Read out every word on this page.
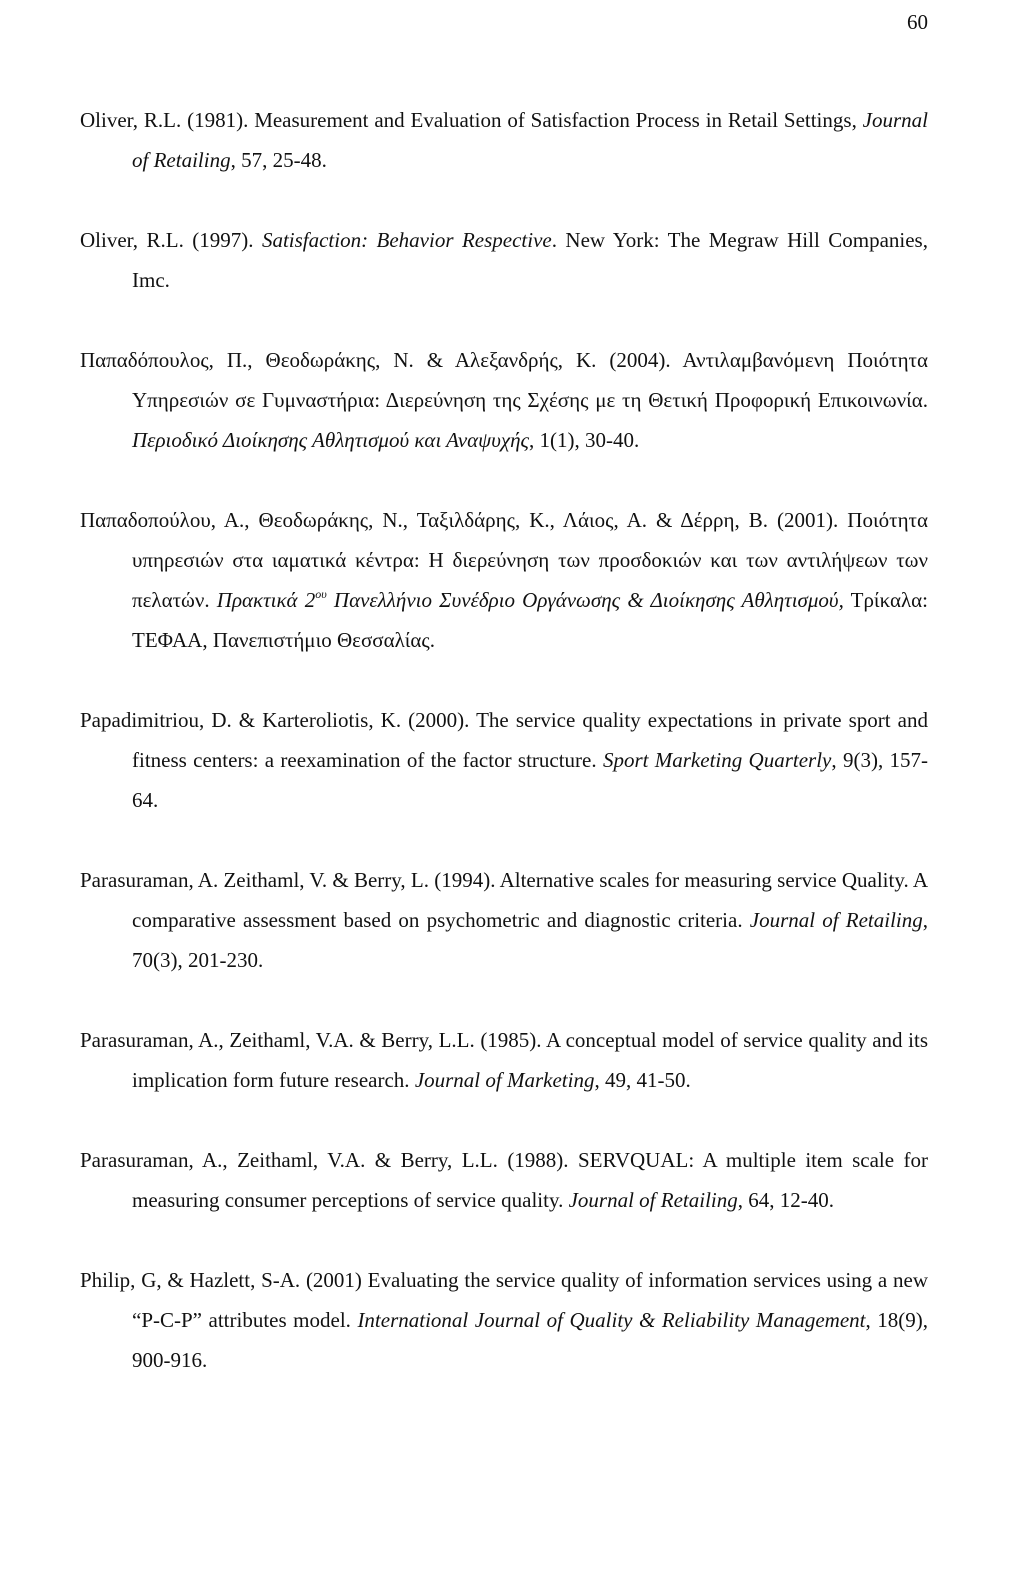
60

Oliver, R.L. (1981). Measurement and Evaluation of Satisfaction Process in Retail Settings, Journal of Retailing, 57, 25-48.

Oliver, R.L. (1997). Satisfaction: Behavior Respective. New York: The Megraw Hill Companies, Imc.

Παπαδόπουλος, Π., Θεοδωράκης, Ν. & Αλεξανδρής, Κ. (2004). Αντιλαμβανόμενη Ποιότητα Υπηρεσιών σε Γυμναστήρια: Διερεύνηση της Σχέσης με τη Θετική Προφορική Επικοινωνία. Περιοδικό Διοίκησης Αθλητισμού και Αναψυχής, 1(1), 30-40.

Παπαδοπούλου, Α., Θεοδωράκης, Ν., Ταξιλδάρης, Κ., Λάιος, Α. & Δέρρη, Β. (2001). Ποιότητα υπηρεσιών στα ιαματικά κέντρα: Η διερεύνηση των προσδοκιών και των αντιλήψεων των πελατών. Πρακτικά $2^{o\upsilon}$ Πανελλήνιο Συνέδριο Οργάνωσης & Διοίκησης Αθλητισμού, Τρίκαλα: ΤΕΦΑΑ, Πανεπιστήμιο Θεσσαλίας.

Papadimitriou, D. & Karteroliotis, K. (2000). The service quality expectations in private sport and fitness centers: a reexamination of the factor structure. Sport Marketing Quarterly, 9(3), 157-64.

Parasuraman, A. Zeithaml, V. & Berry, L. (1994). Alternative scales for measuring service Quality. A comparative assessment based on psychometric and diagnostic criteria. Journal of Retailing, 70(3), 201-230.

Parasuraman, A., Zeithaml, V.A. & Berry, L.L. (1985). A conceptual model of service quality and its implication form future research. Journal of Marketing, 49, 41-50.

Parasuraman, A., Zeithaml, V.A. & Berry, L.L. (1988). SERVQUAL: A multiple item scale for measuring consumer perceptions of service quality. Journal of Retailing, 64, 12-40.

Philip, G, & Hazlett, S-A. (2001) Evaluating the service quality of information services using a new “P-C-P” attributes model. International Journal of Quality & Reliability Management, 18(9), 900-916.
